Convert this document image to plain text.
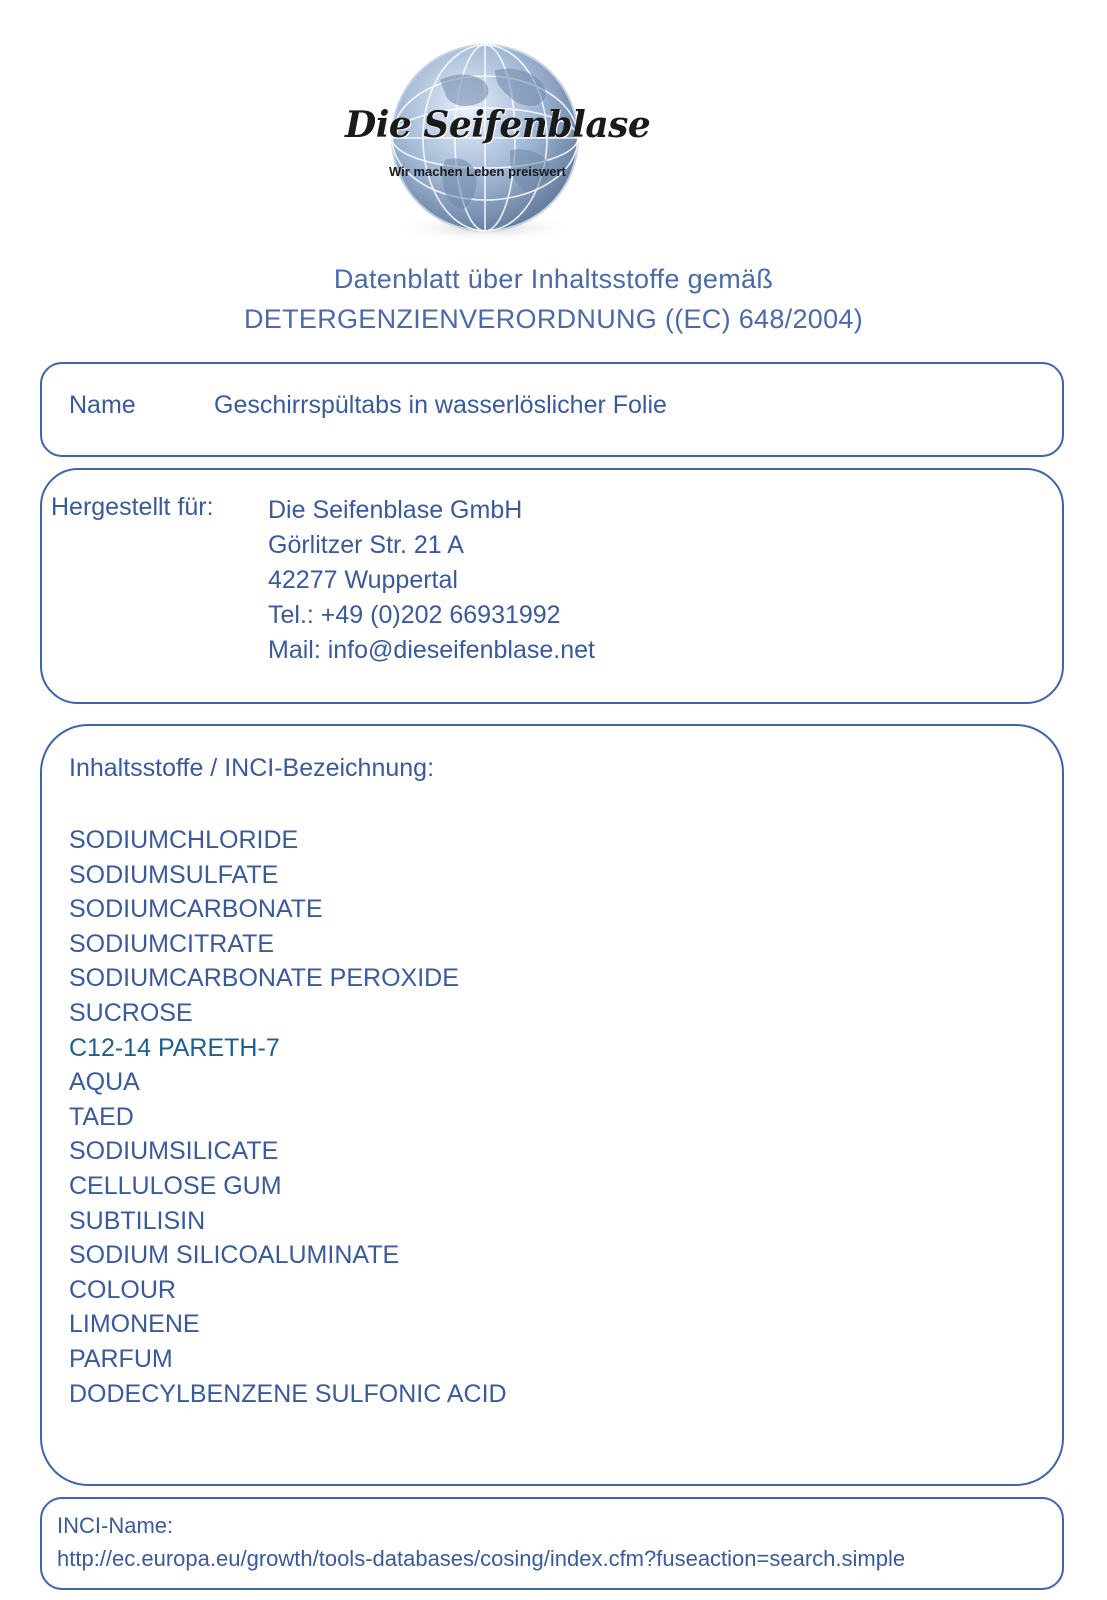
Die Seifenblase
Wir machen Leben preiswert
Datenblatt über Inhaltsstoffe gemäß
DETERGENZIENVERORDNUNG ((EC) 648/2004)
Name	Geschirrspültabs in wasserlöslicher Folie
Hergestellt für: Die Seifenblase GmbH
Görlitzer Str. 21 A
42277 Wuppertal
Tel.: +49 (0)202 66931992
Mail: info@dieseifenblase.net
Inhaltsstoffe / INCI-Bezeichnung:
SODIUMCHLORIDE
SODIUMSULFATE
SODIUMCARBONATE
SODIUMCITRATE
SODIUMCARBONATE PEROXIDE
SUCROSE
C12-14 PARETH-7
AQUA
TAED
SODIUMSILICATE
CELLULOSE GUM
SUBTILISIN
SODIUM SILICOALUMINATE
COLOUR
LIMONENE
PARFUM
DODECYLBENZENE SULFONIC ACID
INCI-Name:
http://ec.europa.eu/growth/tools-databases/cosing/index.cfm?fuseaction=search.simple
